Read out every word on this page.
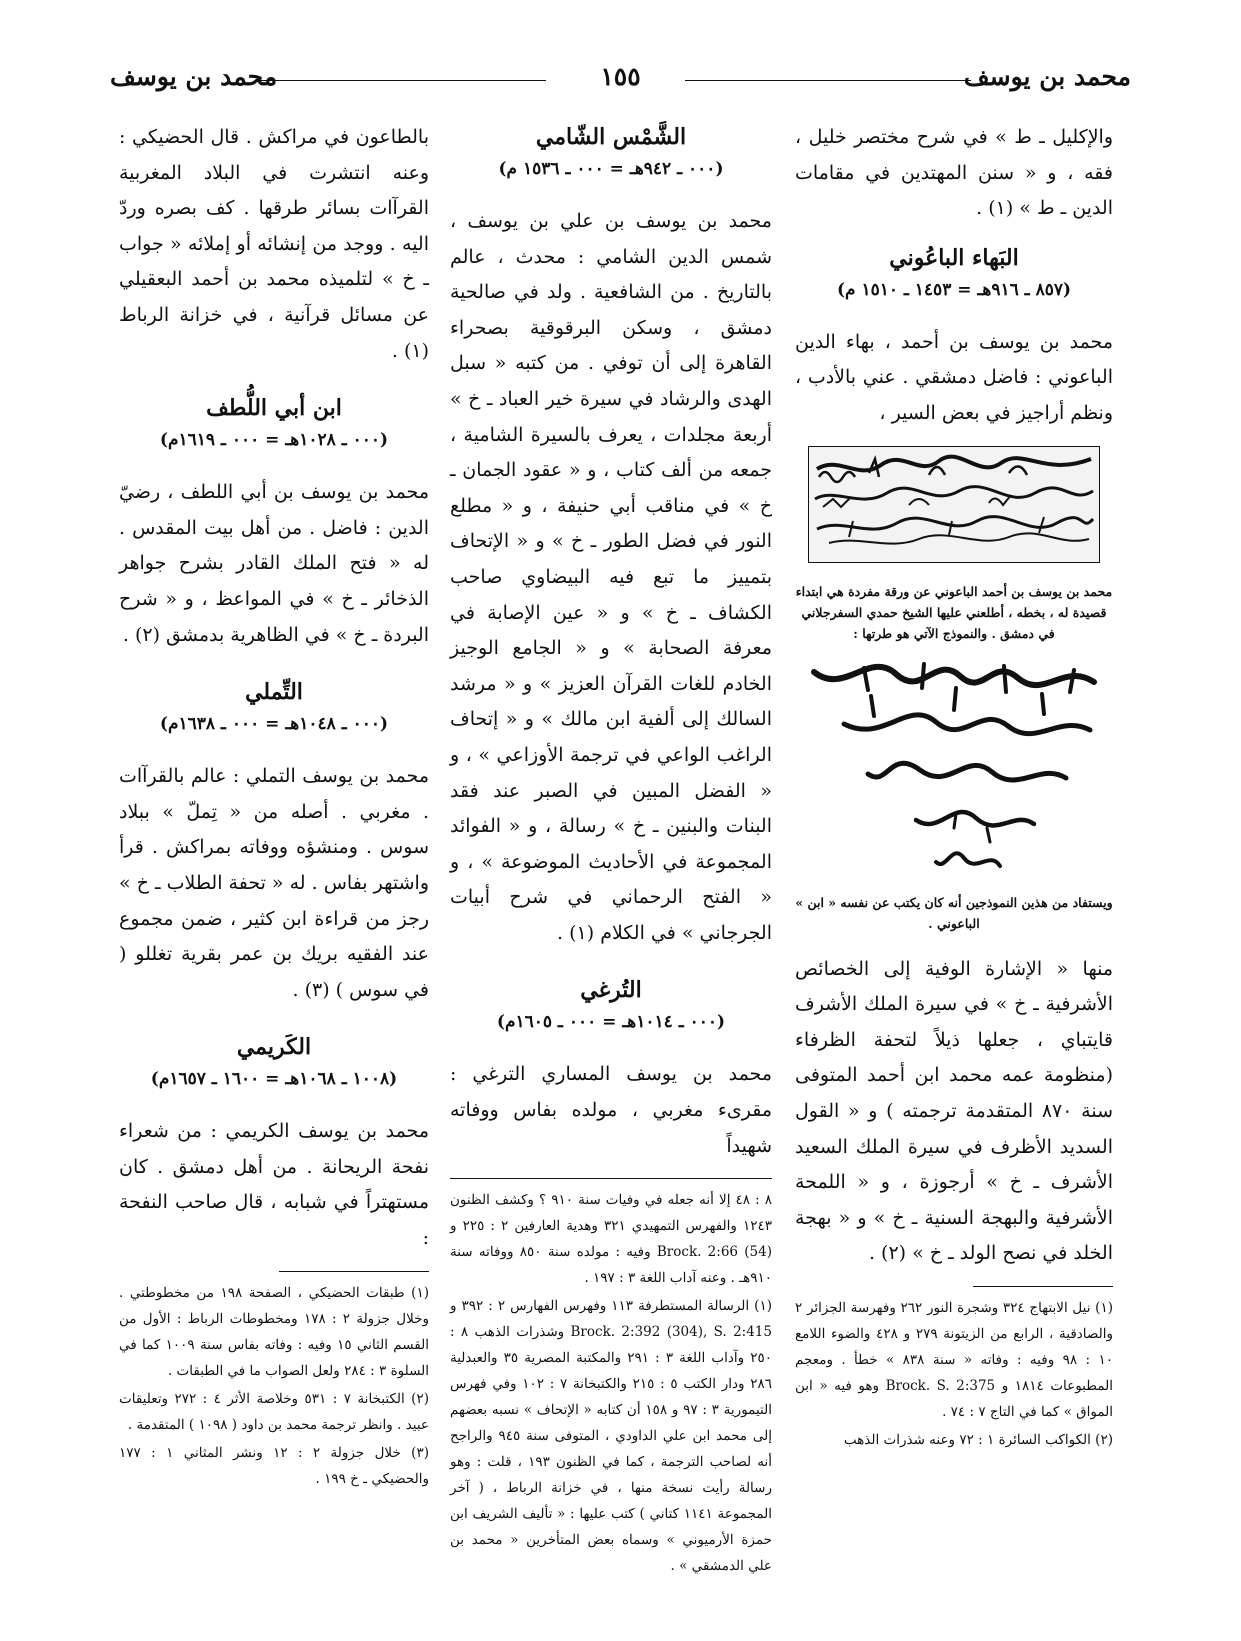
محمد بن يوسف
١٥٥
محمد بن يوسف

والإكليل ـ ط » في شرح مختصر خليل ، فقه ، و « سنن المهتدين في مقامات الدين ـ ط » (١) .

البَهاء الباعُوني

(٨٥٧ ـ ٩١٦هـ = ١٤٥٣ ـ ١٥١٠ م)

محمد بن يوسف بن أحمد ، بهاء الدين الباعوني : فاضل دمشقي . عني بالأدب ، ونظم أراجيز في بعض السير ،

محمد بن يوسف بن أحمد الباعوني عن ورقة مفردة هي ابتداء قصيدة له ، بخطه ، أطلعني عليها الشيخ حمدي السفرجلاني في دمشق . والنموذج الآتي هو طرتها :

ويستفاد من هذين النموذجين أنه كان يكتب عن نفسه « ابن » الباعوني .

منها « الإشارة الوفية إلى الخصائص الأشرفية ـ خ » في سيرة الملك الأشرف قايتباي ، جعلها ذيلاً لتحفة الظرفاء (منظومة عمه محمد ابن أحمد المتوفى سنة ٨٧٠ المتقدمة ترجمته ) و « القول السديد الأظرف في سيرة الملك السعيد الأشرف ـ خ » أرجوزة ، و « اللمحة الأشرفية والبهجة السنية ـ خ » و « بهجة الخلد في نصح الولد ـ خ » (٢) .

(١) نيل الابتهاج ٣٢٤ وشجرة النور ٢٦٢ وفهرسة الجزائر ٢ والصادقية ، الرابع من الزيتونة ٢٧٩ و ٤٢٨ والضوء اللامع ١٠ : ٩٨ وفيه : وفاته « سنة ٨٣٨ » خطأ . ومعجم المطبوعات ١٨١٤ و Brock. S. 2:375 وهو فيه « ابن المواق » كما في التاج ٧ : ٧٤ .

(٢) الكواكب السائرة ١ : ٧٢ وعنه شذرات الذهب

الشَّمْس الشّامي

(٠٠٠ ـ ٩٤٢هـ = ٠٠٠ ـ ١٥٣٦ م)

محمد بن يوسف بن علي بن يوسف ، شمس الدين الشامي : محدث ، عالم بالتاريخ . من الشافعية . ولد في صالحية دمشق ، وسكن البرقوقية بصحراء القاهرة إلى أن توفي . من كتبه « سبل الهدى والرشاد في سيرة خير العباد ـ خ » أربعة مجلدات ، يعرف بالسيرة الشامية ، جمعه من ألف كتاب ، و « عقود الجمان ـ خ » في مناقب أبي حنيفة ، و « مطلع النور في فضل الطور ـ خ » و « الإتحاف بتمييز ما تبع فيه البيضاوي صاحب الكشاف ـ خ » و « عين الإصابة في معرفة الصحابة » و « الجامع الوجيز الخادم للغات القرآن العزيز » و « مرشد السالك إلى ألفية ابن مالك » و « إتحاف الراغب الواعي في ترجمة الأوزاعي » ، و « الفضل المبين في الصبر عند فقد البنات والبنين ـ خ » رسالة ، و « الفوائد المجموعة في الأحاديث الموضوعة » ، و « الفتح الرحماني في شرح أبيات الجرجاني » في الكلام (١) .

التُرغي

(٠٠٠ ـ ١٠١٤هـ = ٠٠٠ ـ ١٦٠٥م)

محمد بن يوسف المساري الترغي : مقرىء مغربي ، مولده بفاس ووفاته شهيداً

٨ : ٤٨ إلا أنه جعله في وفيات سنة ٩١٠ ؟ وكشف الظنون ١٢٤٣ والفهرس التمهيدي ٣٢١ وهدية العارفين ٢ : ٢٢٥ و Brock. 2:66 (54) وفيه : مولده سنة ٨٥٠ ووفاته سنة ٩١٠هـ . وعنه آداب اللغة ٣ : ١٩٧ .

(١) الرسالة المستطرفة ١١٣ وفهرس الفهارس ٢ : ٣٩٢ و Brock. 2:392 (304), S. 2:415 وشذرات الذهب ٨ : ٢٥٠ وآداب اللغة ٣ : ٢٩١ والمكتبة المصرية ٣٥ والعبدلية ٢٨٦ ودار الكتب ٥ : ٢١٥ والكتبخانة ٧ : ١٠٢ وفي فهرس التيمورية ٣ : ٩٧ و ١٥٨ أن كتابه « الإتحاف » نسبه بعضهم إلى محمد ابن علي الداودي ، المتوفى سنة ٩٤٥ والراجح أنه لصاحب الترجمة ، كما في الظنون ١٩٣ ، قلت : وهو رسالة رأيت نسخة منها ، في خزانة الرباط ، ( آخر المجموعة ١١٤١ كتاني ) كتب عليها : « تأليف الشريف ابن حمزة الأرميوني » وسماه بعض المتأخرين « محمد بن علي الدمشقي » .

بالطاعون في مراكش . قال الحضيكي : وعنه انتشرت في البلاد المغربية القرآات بسائر طرقها . كف بصره وردّ اليه . ووجد من إنشائه أو إملائه « جواب ـ خ » لتلميذه محمد بن أحمد البعقيلي عن مسائل قرآنية ، في خزانة الرباط (١) .

ابن أبي اللُّطف

(٠٠٠ ـ ١٠٢٨هـ = ٠٠٠ ـ ١٦١٩م)

محمد بن يوسف بن أبي اللطف ، رضيّ الدين : فاضل . من أهل بيت المقدس . له « فتح الملك القادر بشرح جواهر الذخائر ـ خ » في المواعظ ، و « شرح البردة ـ خ » في الظاهرية بدمشق (٢) .

التِّملي

(٠٠٠ ـ ١٠٤٨هـ = ٠٠٠ ـ ١٦٣٨م)

محمد بن يوسف التملي : عالم بالقرآات . مغربي . أصله من « تِملّ » ببلاد سوس . ومنشؤه ووفاته بمراكش . قرأ واشتهر بفاس . له « تحفة الطلاب ـ خ » رجز من قراءة ابن كثير ، ضمن مجموع عند الفقيه بريك بن عمر بقرية تغللو ( في سوس ) (٣) .

الكَريمي

(١٠٠٨ ـ ١٠٦٨هـ = ١٦٠٠ ـ ١٦٥٧م)

محمد بن يوسف الكريمي : من شعراء نفحة الريحانة . من أهل دمشق . كان مستهتراً في شبابه ، قال صاحب النفحة :

(١) طبقات الحضيكي ، الصفحة ١٩٨ من مخطوطتي . وخلال جزولة ٢ : ١٧٨ ومخطوطات الرباط : الأول من القسم الثاني ١٥ وفيه : وفاته بفاس سنة ١٠٠٩ كما في السلوة ٣ : ٢٨٤ ولعل الصواب ما في الطبقات .

(٢) الكتبخانة ٧ : ٥٣١ وخلاصة الأثر ٤ : ٢٧٢ وتعليقات عبيد . وانظر ترجمة محمد بن داود ( ١٠٩٨ ) المتقدمة .

(٣) خلال جزولة ٢ : ١٢ ونشر المثاني ١ : ١٧٧ والحضيكي ـ خ ١٩٩ .
